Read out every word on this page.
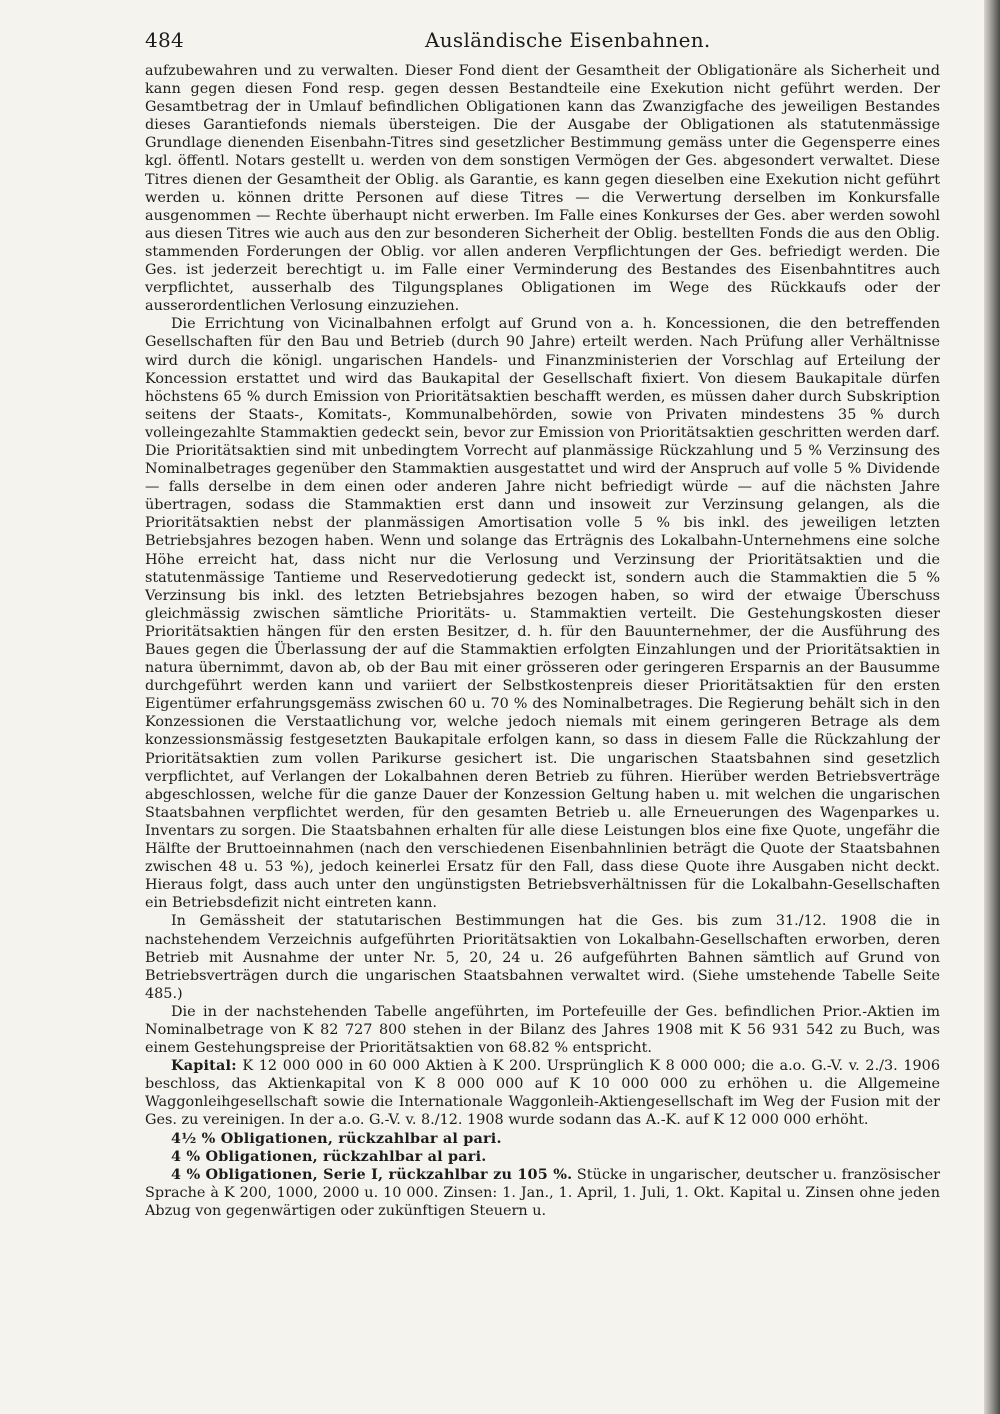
484	Ausländische Eisenbahnen.

aufzubewahren und zu verwalten. Dieser Fond dient der Gesamtheit der Obligationäre als Sicherheit und kann gegen diesen Fond resp. gegen dessen Bestandteile eine Exekution nicht geführt werden. Der Gesamtbetrag der in Umlauf befindlichen Obligationen kann das Zwanzigfache des jeweiligen Bestandes dieses Garantiefonds niemals übersteigen. Die der Ausgabe der Obligationen als statutenmässige Grundlage dienenden Eisenbahn-Titres sind gesetzlicher Bestimmung gemäss unter die Gegensperre eines kgl. öffentl. Notars gestellt u. werden von dem sonstigen Vermögen der Ges. abgesondert verwaltet. Diese Titres dienen der Gesamtheit der Oblig. als Garantie, es kann gegen dieselben eine Exekution nicht geführt werden u. können dritte Personen auf diese Titres — die Verwertung derselben im Konkursfalle ausgenommen — Rechte überhaupt nicht erwerben. Im Falle eines Konkurses der Ges. aber werden sowohl aus diesen Titres wie auch aus den zur besonderen Sicherheit der Oblig. bestellten Fonds die aus den Oblig. stammenden Forderungen der Oblig. vor allen anderen Verpflichtungen der Ges. befriedigt werden. Die Ges. ist jederzeit berechtigt u. im Falle einer Verminderung des Bestandes des Eisenbahntitres auch verpflichtet, ausserhalb des Tilgungsplanes Obligationen im Wege des Rückkaufs oder der ausserordentlichen Verlosung einzuziehen.

Die Errichtung von Vicinalbahnen erfolgt auf Grund von a. h. Koncessionen, die den betreffenden Gesellschaften für den Bau und Betrieb (durch 90 Jahre) erteilt werden. Nach Prüfung aller Verhältnisse wird durch die königl. ungarischen Handels- und Finanzministerien der Vorschlag auf Erteilung der Koncession erstattet und wird das Baukapital der Gesellschaft fixiert. Von diesem Baukapitale dürfen höchstens 65 % durch Emission von Prioritätsaktien beschafft werden, es müssen daher durch Subskription seitens der Staats-, Komitats-, Kommunalbehörden, sowie von Privaten mindestens 35 % durch volleingezahlte Stammaktien gedeckt sein, bevor zur Emission von Prioritätsaktien geschritten werden darf. Die Prioritätsaktien sind mit unbedingtem Vorrecht auf planmässige Rückzahlung und 5 % Verzinsung des Nominalbetrages gegenüber den Stammaktien ausgestattet und wird der Anspruch auf volle 5 % Dividende — falls derselbe in dem einen oder anderen Jahre nicht befriedigt würde — auf die nächsten Jahre übertragen, sodass die Stammaktien erst dann und insoweit zur Verzinsung gelangen, als die Prioritätsaktien nebst der planmässigen Amortisation volle 5 % bis inkl. des jeweiligen letzten Betriebsjahres bezogen haben. Wenn und solange das Erträgnis des Lokalbahn-Unternehmens eine solche Höhe erreicht hat, dass nicht nur die Verlosung und Verzinsung der Prioritätsaktien und die statutenmässige Tantieme und Reservedotierung gedeckt ist, sondern auch die Stammaktien die 5 % Verzinsung bis inkl. des letzten Betriebsjahres bezogen haben, so wird der etwaige Überschuss gleichmässig zwischen sämtliche Prioritäts- u. Stammaktien verteilt. Die Gestehungskosten dieser Prioritätsaktien hängen für den ersten Besitzer, d. h. für den Bauunternehmer, der die Ausführung des Baues gegen die Überlassung der auf die Stammaktien erfolgten Einzahlungen und der Prioritätsaktien in natura übernimmt, davon ab, ob der Bau mit einer grösseren oder geringeren Ersparnis an der Bausumme durchgeführt werden kann und variiert der Selbstkostenpreis dieser Prioritätsaktien für den ersten Eigentümer erfahrungsgemäss zwischen 60 u. 70 % des Nominalbetrages. Die Regierung behält sich in den Konzessionen die Verstaatlichung vor, welche jedoch niemals mit einem geringeren Betrage als dem konzessionsmässig festgesetzten Baukapitale erfolgen kann, so dass in diesem Falle die Rückzahlung der Prioritätsaktien zum vollen Parikurse gesichert ist. Die ungarischen Staatsbahnen sind gesetzlich verpflichtet, auf Verlangen der Lokalbahnen deren Betrieb zu führen. Hierüber werden Betriebsverträge abgeschlossen, welche für die ganze Dauer der Konzession Geltung haben u. mit welchen die ungarischen Staatsbahnen verpflichtet werden, für den gesamten Betrieb u. alle Erneuerungen des Wagenparkes u. Inventars zu sorgen. Die Staatsbahnen erhalten für alle diese Leistungen blos eine fixe Quote, ungefähr die Hälfte der Bruttoeinnahmen (nach den verschiedenen Eisenbahnlinien beträgt die Quote der Staatsbahnen zwischen 48 u. 53 %), jedoch keinerlei Ersatz für den Fall, dass diese Quote ihre Ausgaben nicht deckt. Hieraus folgt, dass auch unter den ungünstigsten Betriebsverhältnissen für die Lokalbahn-Gesellschaften ein Betriebsdefizit nicht eintreten kann.

In Gemässheit der statutarischen Bestimmungen hat die Ges. bis zum 31./12. 1908 die in nachstehendem Verzeichnis aufgeführten Prioritätsaktien von Lokalbahn-Gesellschaften erworben, deren Betrieb mit Ausnahme der unter Nr. 5, 20, 24 u. 26 aufgeführten Bahnen sämtlich auf Grund von Betriebsverträgen durch die ungarischen Staatsbahnen verwaltet wird. (Siehe umstehende Tabelle Seite 485.)

Die in der nachstehenden Tabelle angeführten, im Portefeuille der Ges. befindlichen Prior.-Aktien im Nominalbetrage von K 82 727 800 stehen in der Bilanz des Jahres 1908 mit K 56 931 542 zu Buch, was einem Gestehungspreise der Prioritätsaktien von 68.82 % entspricht.

Kapital: K 12 000 000 in 60 000 Aktien à K 200. Ursprünglich K 8 000 000; die a.o. G.-V. v. 2./3. 1906 beschloss, das Aktienkapital von K 8 000 000 auf K 10 000 000 zu erhöhen u. die Allgemeine Waggonleihgesellschaft sowie die Internationale Waggonleih-Aktiengesellschaft im Weg der Fusion mit der Ges. zu vereinigen. In der a.o. G.-V. v. 8./12. 1908 wurde sodann das A.-K. auf K 12 000 000 erhöht.

4½ % Obligationen, rückzahlbar al pari.

4 % Obligationen, rückzahlbar al pari.

4 % Obligationen, Serie I, rückzahlbar zu 105 %. Stücke in ungarischer, deutscher u. französischer Sprache à K 200, 1000, 2000 u. 10 000. Zinsen: 1. Jan., 1. April, 1. Juli, 1. Okt. Kapital u. Zinsen ohne jeden Abzug von gegenwärtigen oder zukünftigen Steuern u.
